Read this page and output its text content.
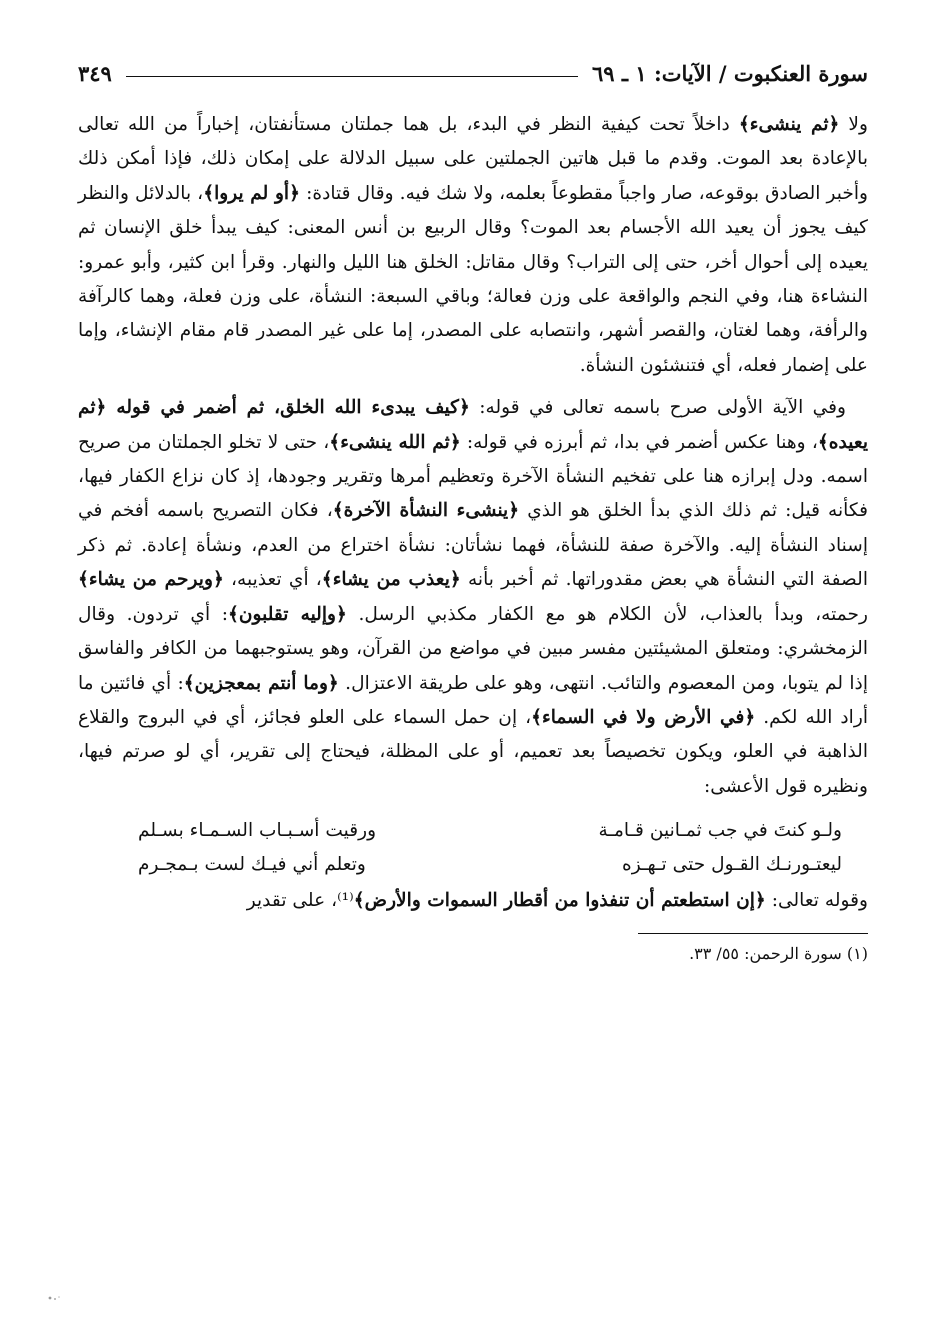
سورة العنكبوت / الآيات: ١ ـ ٦٩
٣٤٩

ولا ﴿ثم ينشىء﴾ داخلاً تحت كيفية النظر في البدء، بل هما جملتان مستأنفتان، إخباراً من الله تعالى بالإعادة بعد الموت. وقدم ما قبل هاتين الجملتين على سبيل الدلالة على إمكان ذلك، فإذا أمكن ذلك وأخبر الصادق بوقوعه، صار واجباً مقطوعاً بعلمه، ولا شك فيه. وقال قتادة: ﴿أو لم يروا﴾، بالدلائل والنظر كيف يجوز أن يعيد الله الأجسام بعد الموت؟ وقال الربيع بن أنس المعنى: كيف يبدأ خلق الإنسان ثم يعيده إلى أحوال أخر، حتى إلى التراب؟ وقال مقاتل: الخلق هنا الليل والنهار. وقرأ ابن كثير، وأبو عمرو: النشاءة هنا، وفي النجم والواقعة على وزن فعالة؛ وباقي السبعة: النشأة، على وزن فعلة، وهما كالرآفة والرأفة، وهما لغتان، والقصر أشهر، وانتصابه على المصدر، إما على غير المصدر قام مقام الإنشاء، وإما على إضمار فعله، أي فتنشئون النشأة.

وفي الآية الأولى صرح باسمه تعالى في قوله: ﴿كيف يبدىء الله الخلق، ثم أضمر في قوله ﴿ثم يعيده﴾، وهنا عكس أضمر في بدا، ثم أبرزه في قوله: ﴿ثم الله ينشىء﴾، حتى لا تخلو الجملتان من صريح اسمه. ودل إبرازه هنا على تفخيم النشأة الآخرة وتعظيم أمرها وتقرير وجودها، إذ كان نزاع الكفار فيها، فكأنه قيل: ثم ذلك الذي بدأ الخلق هو الذي ﴿ينشىء النشأة الآخرة﴾، فكان التصريح باسمه أفخم في إسناد النشأة إليه. والآخرة صفة للنشأة، فهما نشأتان: نشأة اختراع من العدم، ونشأة إعادة. ثم ذكر الصفة التي النشأة هي بعض مقدوراتها. ثم أخبر بأنه ﴿يعذب من يشاء﴾، أي تعذيبه، ﴿ويرحم من يشاء﴾ رحمته، وبدأ بالعذاب، لأن الكلام هو مع الكفار مكذبي الرسل. ﴿وإليه تقلبون﴾: أي تردون. وقال الزمخشري: ومتعلق المشيئتين مفسر مبين في مواضع من القرآن، وهو يستوجبهما من الكافر والفاسق إذا لم يتوبا، ومن المعصوم والتائب. انتهى، وهو على طريقة الاعتزال. ﴿وما أنتم بمعجزين﴾: أي فائتين ما أراد الله لكم. ﴿في الأرض ولا في السماء﴾، إن حمل السماء على العلو فجائز، أي في البروج والقلاع الذاهبة في العلو، ويكون تخصيصاً بعد تعميم، أو على المظلة، فيحتاج إلى تقرير، أي لو صرتم فيها، ونظيره قول الأعشى:

ولـو كنتَ في جب ثمـانين قـامـة
ورقيت أسـبـاب السـمـاء بسـلم
ليعتـورنـك القـول حتى تـهـزه
وتعلم أني فيـك لست بـمجـرم

وقوله تعالى: ﴿إن استطعتم أن تنفذوا من أقطار السموات والأرض﴾⁽¹⁾، على تقدير

(١) سورة الرحمن: ٥٥/ ٣٣.
